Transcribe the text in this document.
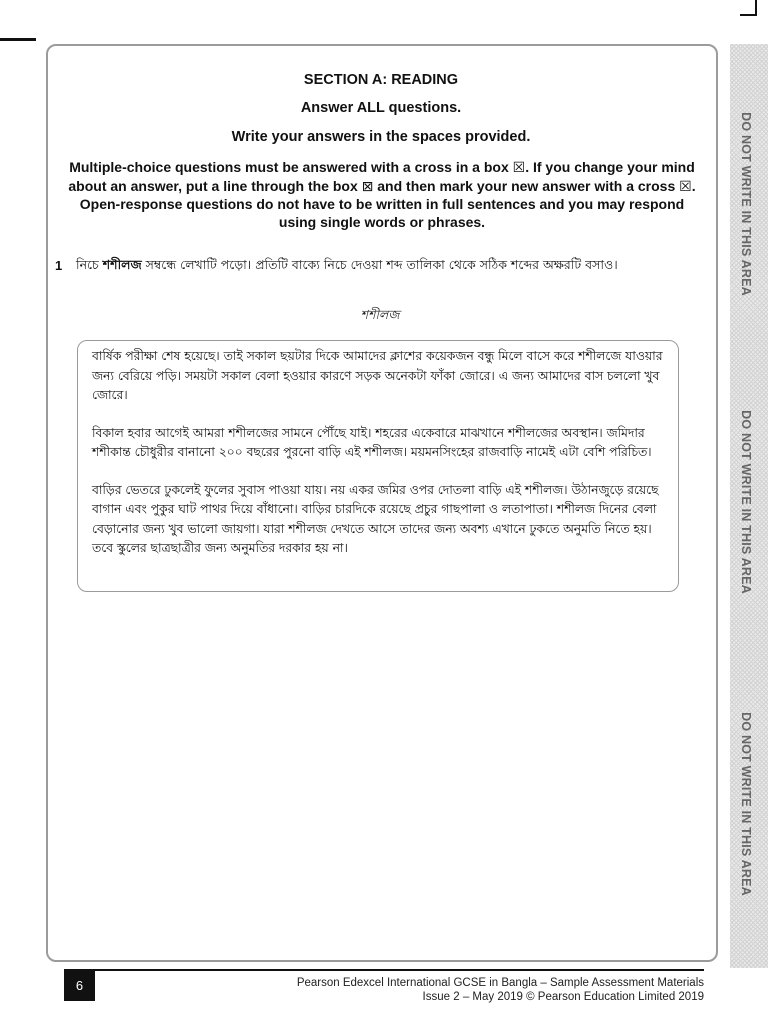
DO NOT WRITE IN THIS AREA
DO NOT WRITE IN THIS AREA
DO NOT WRITE IN THIS AREA
SECTION A: READING
Answer ALL questions.
Write your answers in the spaces provided.
Multiple-choice questions must be answered with a cross in a box ☒. If you change your mind about an answer, put a line through the box ⊠ and then mark your new answer with a cross ☒. Open-response questions do not have to be written in full sentences and you may respond using single words or phrases.
1 নিচে শশীলজ সম্বন্ধে লেখাটি পড়ো। প্রতিটি বাক্যে নিচে দেওয়া শব্দ তালিকা থেকে সঠিক শব্দের অক্ষরটি বসাও।
শশীলজ

বার্ষিক পরীক্ষা শেষ হয়েছে। তাই সকাল ছয়টার দিকে আমাদের ক্লাশের কয়েকজন বন্ধু মিলে বাসে করে শশীলজে যাওয়ার জন্য বেরিয়ে পড়ি। সময়টা সকাল বেলা হওয়ার কারণে সড়ক অনেকটা ফাঁকা জোরে। এ জন্য আমাদের বাস চললো খুব জোরে।

বিকাল হবার আগেই আমরা শশীলজের সামনে পৌঁছে যাই। শহরের একেবারে মাঝখানে শশীলজের অবস্থান। জমিদার শশীকান্ত চৌধুরীর বানানো ২০০ বছরের পুরনো বাড়ি এই শশীলজ। ময়মনসিংহের রাজবাড়ি নামেই এটা বেশি পরিচিত।

বাড়ির ভেতরে ঢুকলেই ফুলের সুবাস পাওয়া যায়। নয় একর জমির ওপর দোতলা বাড়ি এই শশীলজ। উঠানজুড়ে রয়েছে বাগান এবং পুকুর ঘাট পাথর দিয়ে বাঁধানো। বাড়ির চারদিকে রয়েছে প্রচুর গাছপালা ও লতাপাতা। শশীলজ দিনের বেলা বেড়ানোর জন্য খুব ভালো জায়গা। যারা শশীলজ দেখতে আসে তাদের জন্য অবশ্য এখানে ঢুকতে অনুমতি নিতে হয়। তবে স্কুলের ছাত্রছাত্রীর জন্য অনুমতির দরকার হয় না।

6	Pearson Edexcel International GCSE in Bangla – Sample Assessment Materials
Issue 2 – May 2019 © Pearson Education Limited 2019
